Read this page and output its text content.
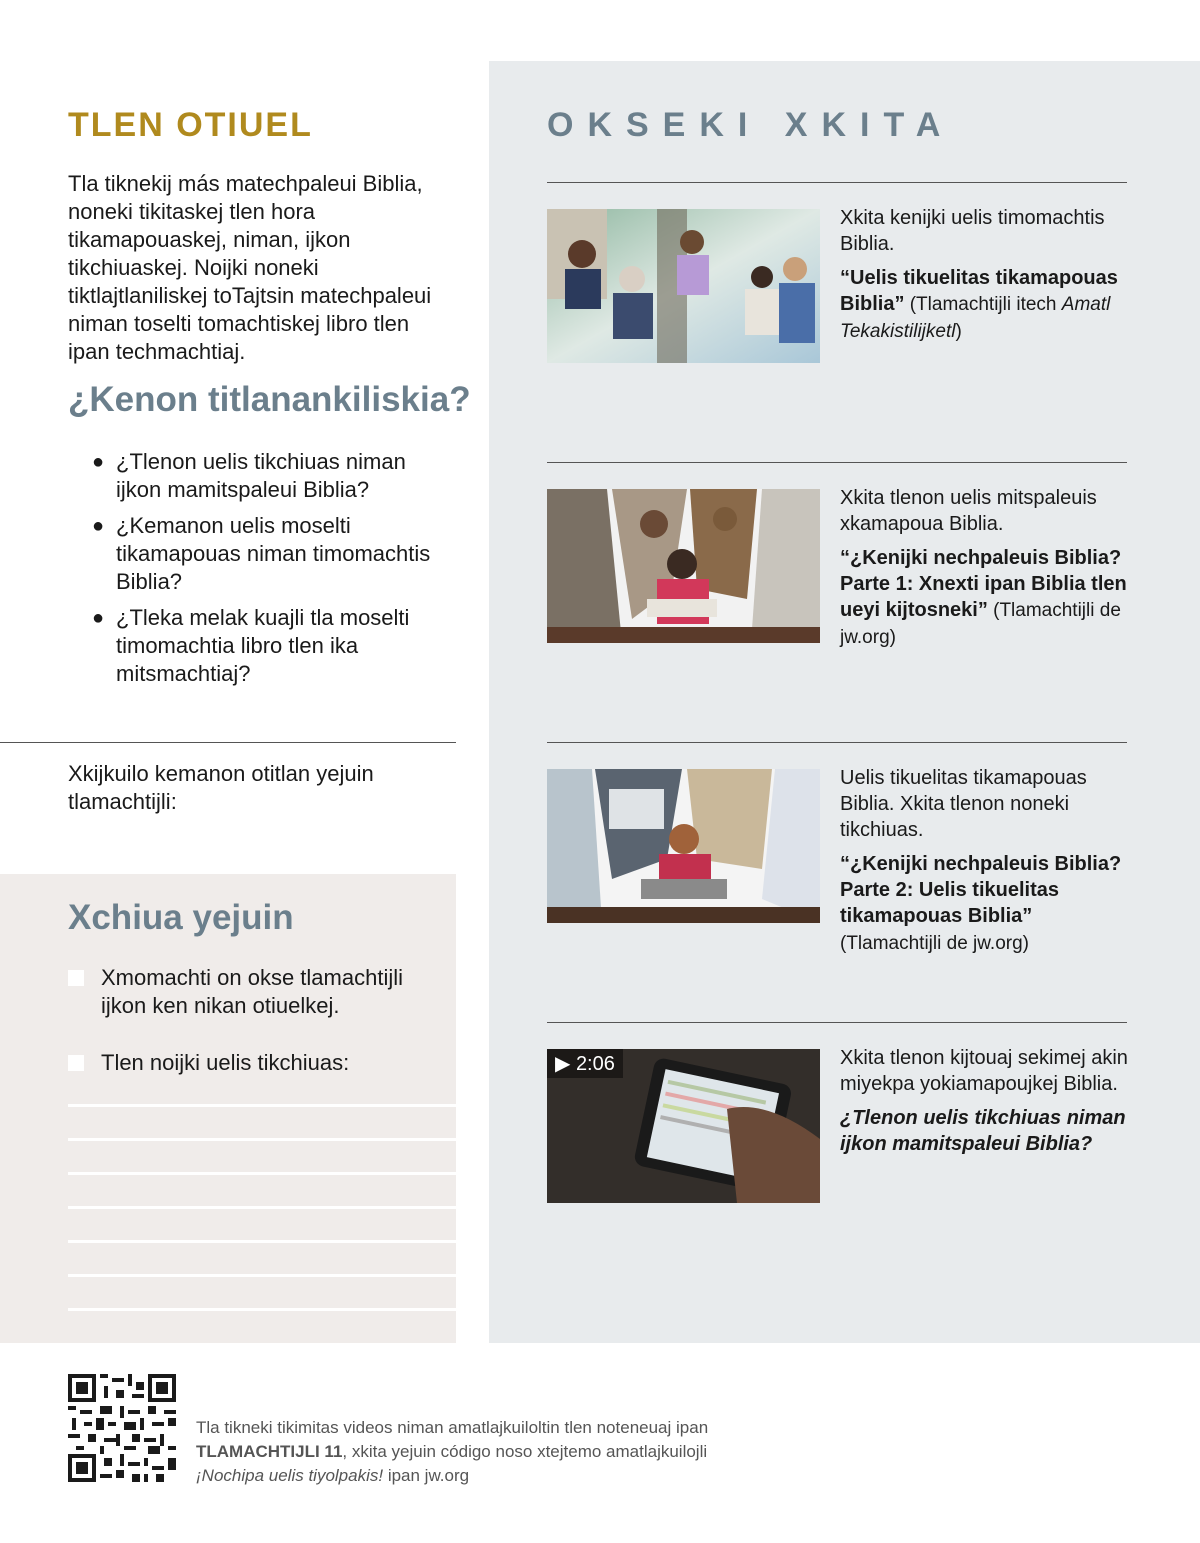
TLEN OTIUEL

Tla tiknekij más matechpaleui Biblia, noneki tikitaskej tlen hora tikamapouaskej, niman, ijkon tikchiuaskej. Noijki noneki tiktlajtlaniliskej toTajtsin matechpaleui niman toselti tomachtiskej libro tlen ipan techmachtiaj.

¿Kenon titlanankiliskia?
● ¿Tlenon uelis tikchiuas niman ijkon mamitspaleui Biblia?
● ¿Kemanon uelis moselti tikamapouas niman timomachtis Biblia?
● ¿Tleka melak kuajli tla moselti timomachtia libro tlen ika mitsmachtiaj?

Xkijkuilo kemanon otitlan yejuin tlamachtijli:

Xchiua yejuin
Xmomachti on okse tlamachtijli ijkon ken nikan otiuelkej.
Tlen noijki uelis tikchiuas:
OKSEKI XKITA

Xkita kenijki uelis timomachtis Biblia.

“Uelis tikuelitas tikamapouas Biblia” (Tlamachtijli itech Amatl Tekakistilijketl)

Xkita tlenon uelis mitspaleuis xkamapoua Biblia.

“¿Kenijki nechpaleuis Biblia? Parte 1: Xnexti ipan Biblia tlen ueyi kijtosneki” (Tlamachtijli de jw.org)

Uelis tikuelitas tikamapouas Biblia. Xkita tlenon noneki tikchiuas.

“¿Kenijki nechpaleuis Biblia? Parte 2: Uelis tikuelitas tikamapouas Biblia” (Tlamachtijli de jw.org)

▶ 2:06	Xkita tlenon kijtouaj sekimej akin miyekpa yokiamapoujkej Biblia.

¿Tlenon uelis tikchiuas niman ijkon mamitspaleui Biblia?

Tla tikneki tikimitas videos niman amatlajkuiloltin tlen noteneuaj ipan TLAMACHTIJLI 11, xkita yejuin código noso xtejtemo amatlajkuilojli ¡Nochipa uelis tiyolpakis! ipan jw.org
